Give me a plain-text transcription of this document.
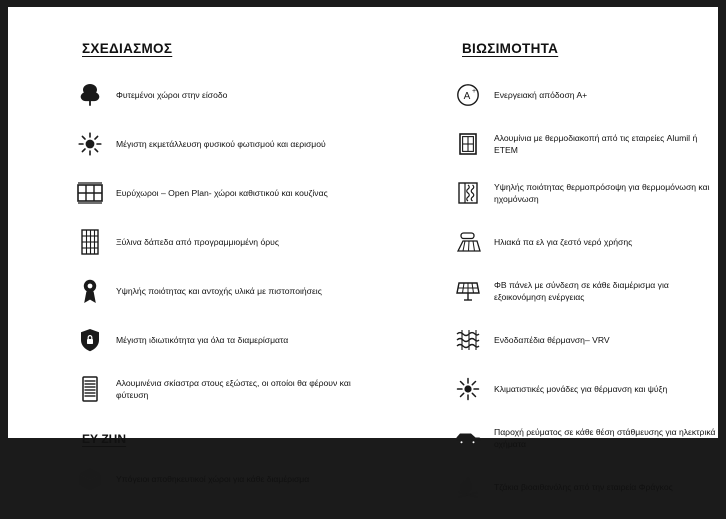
ΣΧΕΔΙΑΣΜΟΣ
Φυτεμένοι χώροι στην είσοδο
Μέγιστη εκμετάλλευση φυσικού φωτισμού και αερισμού
Ευρύχωροι – Open Plan- χώροι καθιστικού και κουζίνας
Ξύλινα δάπεδα από προγραμμιομένη όρυς
Υψηλής ποιότητας και αντοχής υλικά με πιστοποιήσεις
Μέγιστη ιδιωτικότητα για όλα τα διαμερίσματα
Αλουμινένια σκίαστρα στους εξώστες, οι οποίοι θα φέρουν και φύτευση
ΕΥ ΖΗΝ
Υπόγειοι αποθηκευτικοί χώροι για κάθε διαμέρισμα
ΒΙΩΣΙΜΟΤΗΤΑ
A +	Ενεργειακή απόδοση Α+
Αλουμίνια με θερμοδιακοπή από τις εταιρείες Alumil ή ETEM
Υψηλής ποιότητας θερμοπρόσοψη για θερμομόνωση και ηχομόνωση
Ηλιακά πα ελ για ζεστό νερό χρήσης
ΦΒ πάνελ με σύνδεση σε κάθε διαμέρισμα για εξοικονόμηση ενέργειας
Ενδοδαπέδια θέρμανση– VRV
Κλιματιστικές μονάδες για θέρμανση και ψύξη
Παροχή ρεύματος σε κάθε θέση στάθμευσης για ηλεκτρικά οχήματα
Τζάκια βιοαιθανόλης από την εταιρεία Φράγκος
